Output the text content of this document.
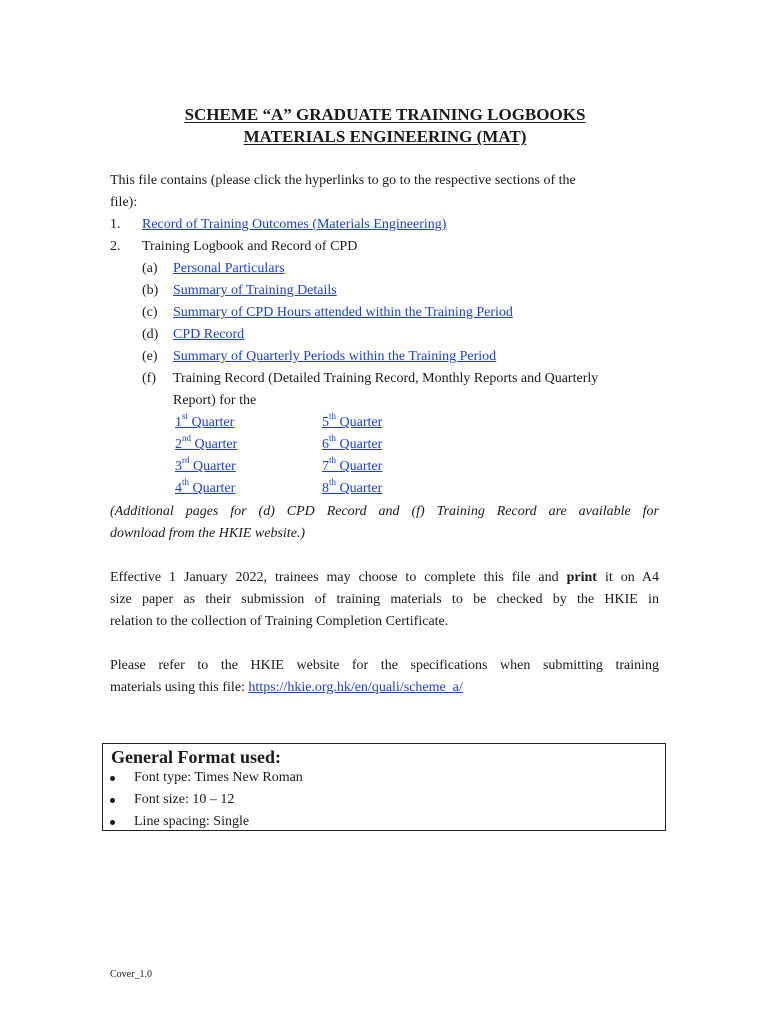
SCHEME “A” GRADUATE TRAINING LOGBOOKS
MATERIALS ENGINEERING (MAT)
This file contains (please click the hyperlinks to go to the respective sections of the
file):
1. Record of Training Outcomes (Materials Engineering)
2. Training Logbook and Record of CPD
(a) Personal Particulars
(b) Summary of Training Details
(c) Summary of CPD Hours attended within the Training Period
(d) CPD Record
(e) Summary of Quarterly Periods within the Training Period
(f) Training Record (Detailed Training Record, Monthly Reports and Quarterly
Report) for the
1st Quarter
2nd Quarter
3rd Quarter
4th Quarter
5th Quarter
6th Quarter
7th Quarter
8th Quarter
(Additional pages for (d) CPD Record and (f) Training Record are available for
download from the HKIE website.)
Effective 1 January 2022, trainees may choose to complete this file and print it on A4
size paper as their submission of training materials to be checked by the HKIE in
relation to the collection of Training Completion Certificate.
Please refer to the HKIE website for the specifications when submitting training
materials using this file: https://hkie.org.hk/en/quali/scheme_a/
General Format used:
Font type: Times New Roman
Font size: 10 – 12
Line spacing: Single
Cover_1.0
